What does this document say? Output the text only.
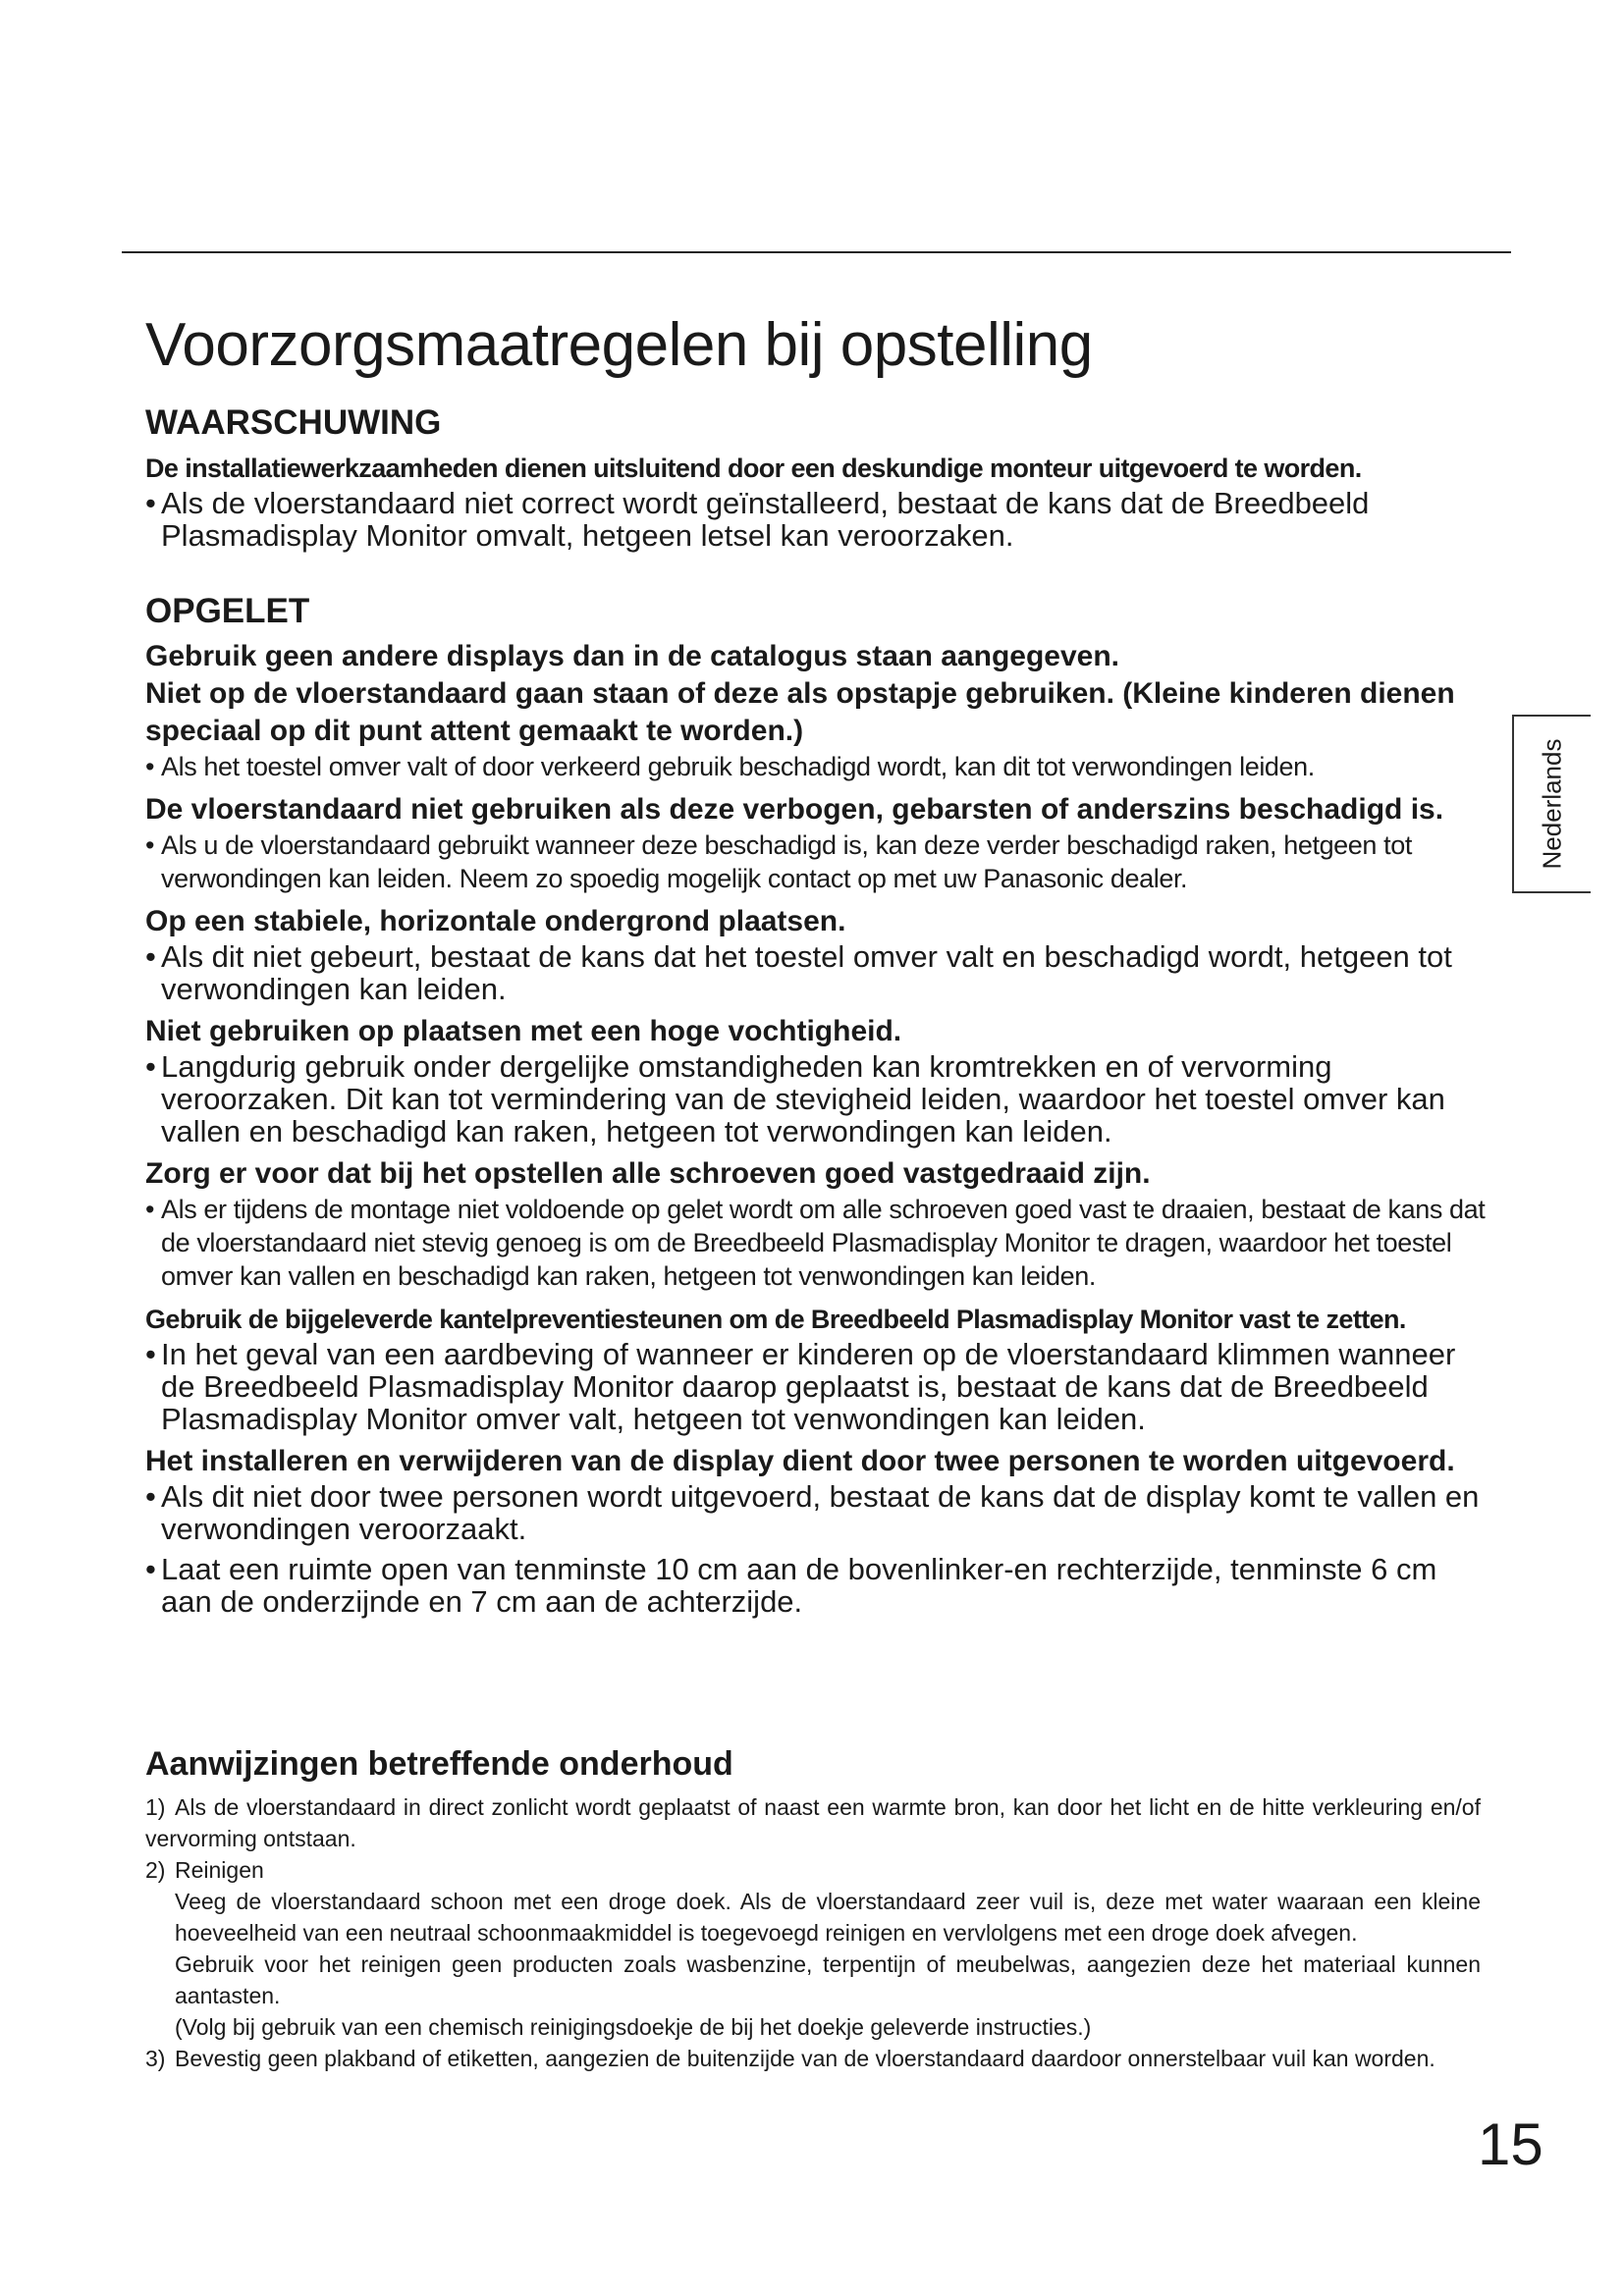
Voorzorgsmaatregelen bij opstelling
WAARSCHUWING

De installatiewerkzaamheden dienen uitsluitend door een deskundige monteur uitgevoerd te worden.

• Als de vloerstandaard niet correct wordt geïnstalleerd, bestaat de kans dat de Breedbeeld Plasmadisplay Monitor omvalt, hetgeen letsel kan veroorzaken.

OPGELET

Gebruik geen andere displays dan in de catalogus staan aangegeven.

Niet op de vloerstandaard gaan staan of deze als opstapje gebruiken. (Kleine kinderen dienen speciaal op dit punt attent gemaakt te worden.)

• Als het toestel omver valt of door verkeerd gebruik beschadigd wordt, kan dit tot verwondingen leiden.

De vloerstandaard niet gebruiken als deze verbogen, gebarsten of anderszins beschadigd is.

• Als u de vloerstandaard gebruikt wanneer deze beschadigd is, kan deze verder beschadigd raken, hetgeen tot verwondingen kan leiden. Neem zo spoedig mogelijk contact op met uw Panasonic dealer.

Op een stabiele, horizontale ondergrond plaatsen.

• Als dit niet gebeurt, bestaat de kans dat het toestel omver valt en beschadigd wordt, hetgeen tot verwondingen kan leiden.

Niet gebruiken op plaatsen met een hoge vochtigheid.

• Langdurig gebruik onder dergelijke omstandigheden kan kromtrekken en of vervorming veroorzaken. Dit kan tot vermindering van de stevigheid leiden, waardoor het toestel omver kan vallen en beschadigd kan raken, hetgeen tot verwondingen kan leiden.

Zorg er voor dat bij het opstellen alle schroeven goed vastgedraaid zijn.

• Als er tijdens de montage niet voldoende op gelet wordt om alle schroeven goed vast te draaien, bestaat de kans dat de vloerstandaard niet stevig genoeg is om de Breedbeeld Plasmadisplay Monitor te dragen, waardoor het toestel omver kan vallen en beschadigd kan raken, hetgeen tot venwondingen kan leiden.

Gebruik de bijgeleverde kantelpreventiesteunen om de Breedbeeld Plasmadisplay Monitor vast te zetten.

• In het geval van een aardbeving of wanneer er kinderen op de vloerstandaard klimmen wanneer de Breedbeeld Plasmadisplay Monitor daarop geplaatst is, bestaat de kans dat de Breedbeeld Plasmadisplay Monitor omver valt, hetgeen tot venwondingen kan leiden.

Het installeren en verwijderen van de display dient door twee personen te worden uitgevoerd.

• Als dit niet door twee personen wordt uitgevoerd, bestaat de kans dat de display komt te vallen en verwondingen veroorzaakt.

• Laat een ruimte open van tenminste 10 cm aan de bovenlinker-en rechterzijde, tenminste 6 cm aan de onderzijnde en 7 cm aan de achterzijde.

Aanwijzingen betreffende onderhoud

1) Als de vloerstandaard in direct zonlicht wordt geplaatst of naast een warmte bron, kan door het licht en de hitte verkleuring en/of vervorming ontstaan.

2) Reinigen

Veeg de vloerstandaard schoon met een droge doek. Als de vloerstandaard zeer vuil is, deze met water waaraan een kleine hoeveelheid van een neutraal schoonmaakmiddel is toegevoegd reinigen en vervlolgens met een droge doek afvegen.

Gebruik voor het reinigen geen producten zoals wasbenzine, terpentijn of meubelwas, aangezien deze het materiaal kunnen aantasten.

(Volg bij gebruik van een chemisch reinigingsdoekje de bij het doekje geleverde instructies.)

3) Bevestig geen plakband of etiketten, aangezien de buitenzijde van de vloerstandaard daardoor onnerstelbaar vuil kan worden.

Nederlands
15
